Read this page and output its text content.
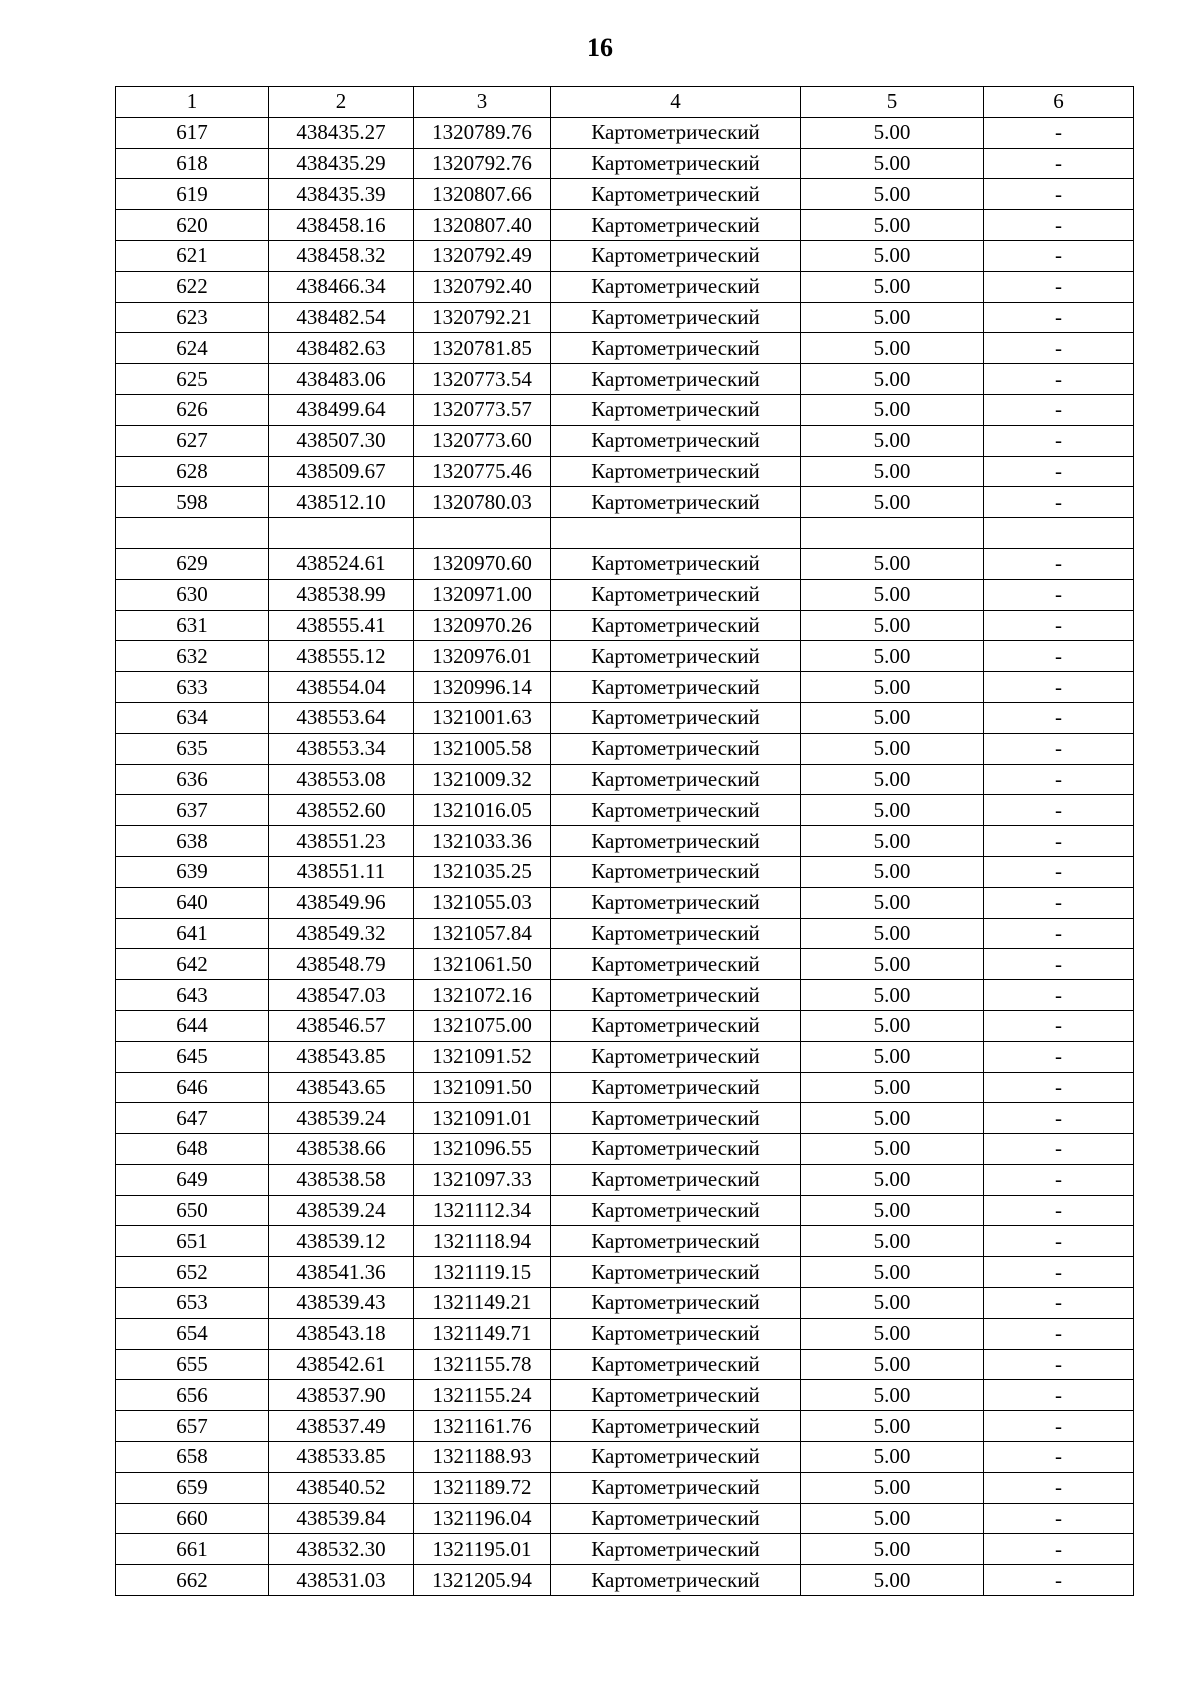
16
1	2	3	4	5	6
617	438435.27	1320789.76	Картометрический	5.00	-
618	438435.29	1320792.76	Картометрический	5.00	-
619	438435.39	1320807.66	Картометрический	5.00	-
620	438458.16	1320807.40	Картометрический	5.00	-
621	438458.32	1320792.49	Картометрический	5.00	-
622	438466.34	1320792.40	Картометрический	5.00	-
623	438482.54	1320792.21	Картометрический	5.00	-
624	438482.63	1320781.85	Картометрический	5.00	-
625	438483.06	1320773.54	Картометрический	5.00	-
626	438499.64	1320773.57	Картометрический	5.00	-
627	438507.30	1320773.60	Картометрический	5.00	-
628	438509.67	1320775.46	Картометрический	5.00	-
598	438512.10	1320780.03	Картометрический	5.00	-

629	438524.61	1320970.60	Картометрический	5.00	-
630	438538.99	1320971.00	Картометрический	5.00	-
631	438555.41	1320970.26	Картометрический	5.00	-
632	438555.12	1320976.01	Картометрический	5.00	-
633	438554.04	1320996.14	Картометрический	5.00	-
634	438553.64	1321001.63	Картометрический	5.00	-
635	438553.34	1321005.58	Картометрический	5.00	-
636	438553.08	1321009.32	Картометрический	5.00	-
637	438552.60	1321016.05	Картометрический	5.00	-
638	438551.23	1321033.36	Картометрический	5.00	-
639	438551.11	1321035.25	Картометрический	5.00	-
640	438549.96	1321055.03	Картометрический	5.00	-
641	438549.32	1321057.84	Картометрический	5.00	-
642	438548.79	1321061.50	Картометрический	5.00	-
643	438547.03	1321072.16	Картометрический	5.00	-
644	438546.57	1321075.00	Картометрический	5.00	-
645	438543.85	1321091.52	Картометрический	5.00	-
646	438543.65	1321091.50	Картометрический	5.00	-
647	438539.24	1321091.01	Картометрический	5.00	-
648	438538.66	1321096.55	Картометрический	5.00	-
649	438538.58	1321097.33	Картометрический	5.00	-
650	438539.24	1321112.34	Картометрический	5.00	-
651	438539.12	1321118.94	Картометрический	5.00	-
652	438541.36	1321119.15	Картометрический	5.00	-
653	438539.43	1321149.21	Картометрический	5.00	-
654	438543.18	1321149.71	Картометрический	5.00	-
655	438542.61	1321155.78	Картометрический	5.00	-
656	438537.90	1321155.24	Картометрический	5.00	-
657	438537.49	1321161.76	Картометрический	5.00	-
658	438533.85	1321188.93	Картометрический	5.00	-
659	438540.52	1321189.72	Картометрический	5.00	-
660	438539.84	1321196.04	Картометрический	5.00	-
661	438532.30	1321195.01	Картометрический	5.00	-
662	438531.03	1321205.94	Картометрический	5.00	-
